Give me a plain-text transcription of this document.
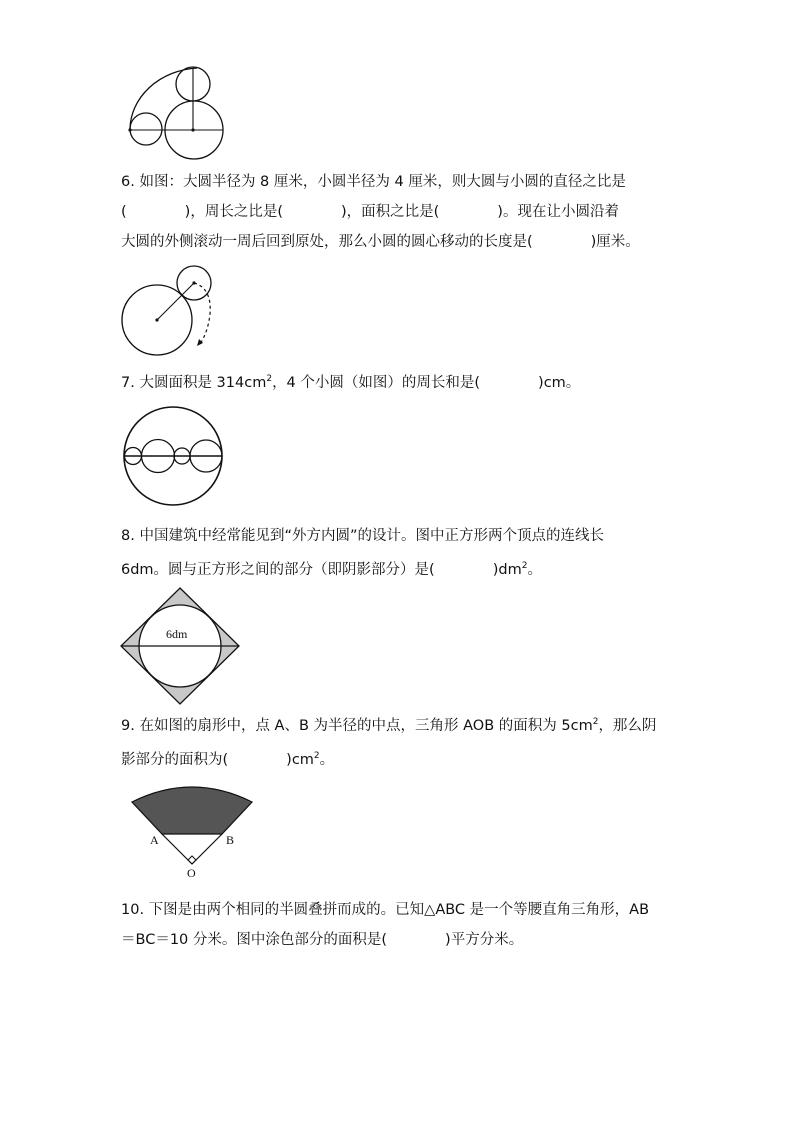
6. 如图：大圆半径为 8 厘米，小圆半径为 4 厘米，则大圆与小圆的直径之比是
(　　　　)，周长之比是(　　　　)，面积之比是(　　　　)。现在让小圆沿着
大圆的外侧滚动一周后回到原处，那么小圆的圆心移动的长度是(　　　　)厘米。
7. 大圆面积是 $314cm^2$，4 个小圆（如图）的周长和是(　　　　)cm。
8. 中国建筑中经常能见到“外方内圆”的设计。图中正方形两个顶点的连线长
6dm。圆与正方形之间的部分（即阴影部分）是(　　　　)$dm^2$。
6dm
9. 在如图的扇形中，点 A、B 为半径的中点，三角形 AOB 的面积为 $5cm^2$，那么阴
影部分的面积为(　　　　)$cm^2$。
A	B
O
10. 下图是由两个相同的半圆叠拼而成的。已知△ABC 是一个等腰直角三角形，AB
＝BC＝10 分米。图中涂色部分的面积是(　　　　)平方分米。
